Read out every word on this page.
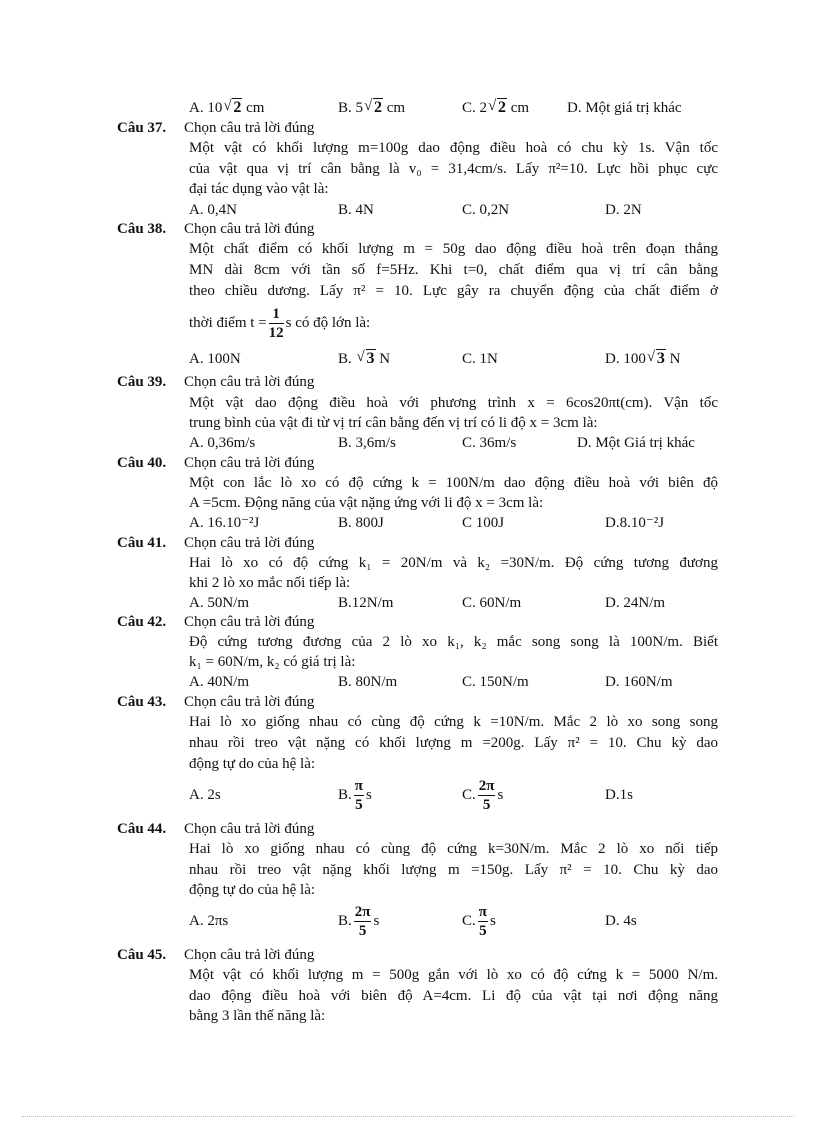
A. 10 √ 2 cm	B. 5 √ 2 cm	C. 2 √ 2 cm	D. Một giá trị khác
Câu 37. Chọn câu trả lời đúng
Một vật có khối lượng m=100g dao động điều hoà có chu kỳ 1s. Vận tốc
của vật qua vị trí cân bằng là v₀ = 31,4cm/s. Lấy π²=10. Lực hồi phục cực
đại tác dụng vào vật là:
A. 0,4N	B. 4N	C. 0,2N	D. 2N
Câu 38. Chọn câu trả lời đúng
Một chất điểm có khối lượng m = 50g dao động điều hoà trên đoạn thẳng
MN dài 8cm với tần số f=5Hz. Khi t=0, chất điểm qua vị trí cân bằng
theo chiều dương. Lấy π² = 10. Lực gây ra chuyển động của chất điểm ở
thời điểm $t = \frac{1}{12}$ s có độ lớn là:
A. 100N	B. √ 3 N	C. 1N	D. 100 √ 3 N
Câu 39. Chọn câu trả lời đúng
Một vật dao động điều hoà với phương trình x = 6cos20πt(cm). Vận tốc
trung bình của vật đi từ vị trí cân bằng đến vị trí có li độ x = 3cm là:
A. 0,36m/s	B. 3,6m/s	C. 36m/s	D. Một Giá trị khác
Câu 40. Chọn câu trả lời đúng
Một con lắc lò xo có độ cứng k = 100N/m dao động điều hoà với biên độ
A =5cm. Động năng của vật nặng ứng với li độ x = 3cm là:
A. 16.10⁻²J	B. 800J	C 100J	D.8.10⁻²J
Câu 41. Chọn câu trả lời đúng
Hai lò xo có độ cứng k₁ = 20N/m và k₂ =30N/m. Độ cứng tương đương
khi 2 lò xo mắc nối tiếp là:
A. 50N/m	B.12N/m	C. 60N/m	D. 24N/m
Câu 42. Chọn câu trả lời đúng
Độ cứng tương đương của 2 lò xo k₁, k₂ mắc song song là 100N/m. Biết
k₁ = 60N/m, k₂ có giá trị là:
A. 40N/m	B. 80N/m	C. 150N/m	D. 160N/m
Câu 43. Chọn câu trả lời đúng
Hai lò xo giống nhau có cùng độ cứng k =10N/m. Mắc 2 lò xo song song
nhau rồi treo vật nặng có khối lượng m =200g. Lấy π² = 10. Chu kỳ dao
động tự do của hệ là:
A. 2s	B. $\frac{\pi}{5}$ s	C. $\frac{2\pi}{5}$ s	D.1s
Câu 44. Chọn câu trả lời đúng
Hai lò xo giống nhau có cùng độ cứng k=30N/m. Mắc 2 lò xo nối tiếp
nhau rồi treo vật nặng khối lượng m =150g. Lấy π² = 10. Chu kỳ dao
động tự do của hệ là:
A. 2πs	B. $\frac{2\pi}{5}$ s	C. $\frac{\pi}{5}$ s	D. 4s
Câu 45. Chọn câu trả lời đúng
Một vật có khối lượng m = 500g gắn với lò xo có độ cứng k = 5000 N/m.
dao động điều hoà với biên độ A=4cm. Li độ của vật tại nơi động năng
bằng 3 lần thế năng là:
